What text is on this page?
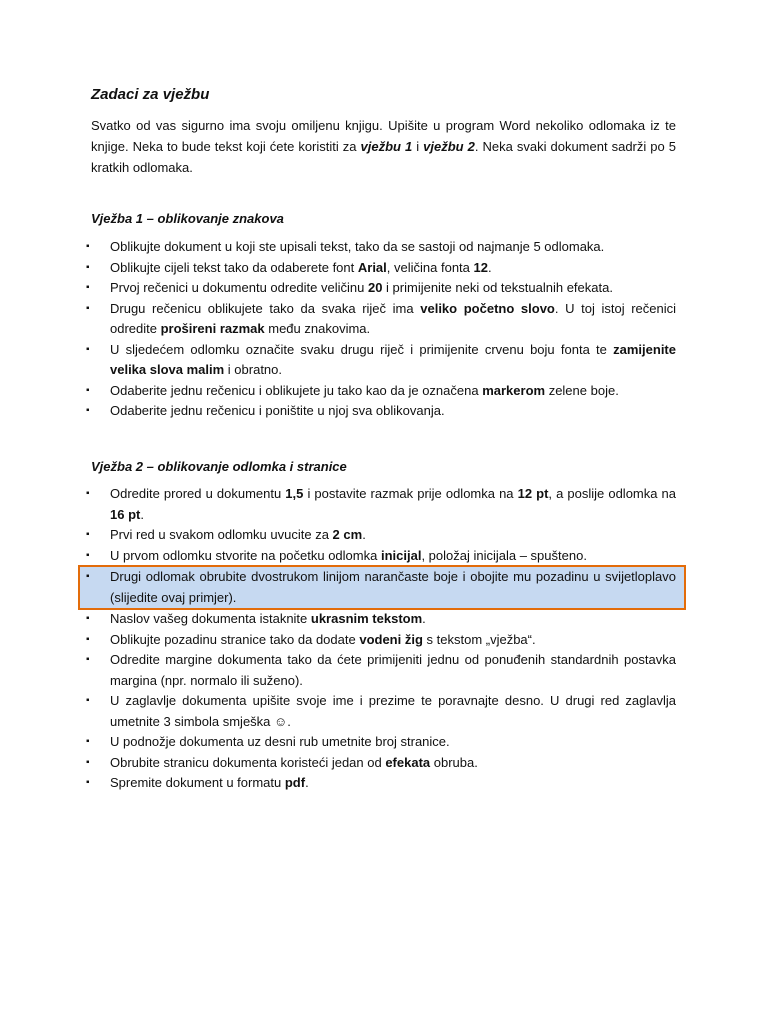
Zadaci za vježbu

Svatko od vas sigurno ima svoju omiljenu knjigu. Upišite u program Word nekoliko odlomaka iz te knjige. Neka to bude tekst koji ćete koristiti za vježbu 1 i vježbu 2. Neka svaki dokument sadrži po 5 kratkih odlomaka.

Vježba 1 – oblikovanje znakova
▪ Oblikujte dokument u koji ste upisali tekst, tako da se sastoji od najmanje 5 odlomaka.
▪ Oblikujte cijeli tekst tako da odaberete font Arial, veličina fonta 12.
▪ Prvoj rečenici u dokumentu odredite veličinu 20 i primijenite neki od tekstualnih efekata.
▪ Drugu rečenicu oblikujete tako da svaka riječ ima veliko početno slovo. U toj istoj rečenici odredite prošireni razmak među znakovima.
▪ U sljedećem odlomku označite svaku drugu riječ i primijenite crvenu boju fonta te zamijenite velika slova malim i obratno.
▪ Odaberite jednu rečenicu i oblikujete ju tako kao da je označena markerom zelene boje.
▪ Odaberite jednu rečenicu i poništite u njoj sva oblikovanja.
Vježba 2 – oblikovanje odlomka i stranice
▪ Odredite prored u dokumentu 1,5 i postavite razmak prije odlomka na 12 pt, a poslije odlomka na 16 pt.
▪ Prvi red u svakom odlomku uvucite za 2 cm.
▪ U prvom odlomku stvorite na početku odlomka inicijal, položaj inicijala – spušteno.
▪ Drugi odlomak obrubite dvostrukom linijom narančaste boje i obojite mu pozadinu u svijetloplavo (slijedite ovaj primjer).
▪ Naslov vašeg dokumenta istaknite ukrasnim tekstom.
▪ Oblikujte pozadinu stranice tako da dodate vodeni žig s tekstom „vježba“.
▪ Odredite margine dokumenta tako da ćete primijeniti jednu od ponuđenih standardnih postavka margina (npr. normalo ili suženo).
▪ U zaglavlje dokumenta upišite svoje ime i prezime te poravnajte desno. U drugi red zaglavlja umetnite 3 simbola smješka ☺.
▪ U podnožje dokumenta uz desni rub umetnite broj stranice.
▪ Obrubite stranicu dokumenta koristeći jedan od efekata obruba.
▪ Spremite dokument u formatu pdf.
